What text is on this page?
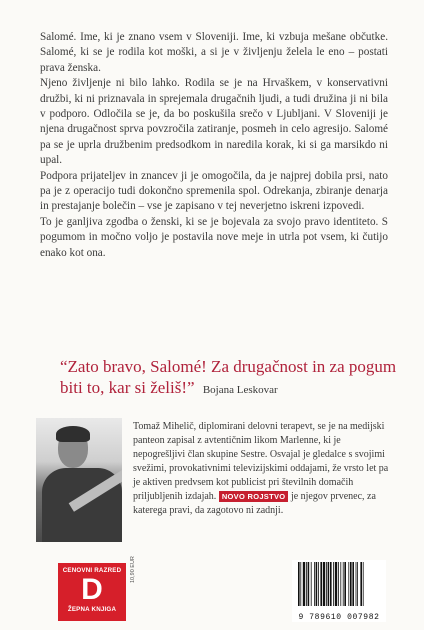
Salomé. Ime, ki je znano vsem v Sloveniji. Ime, ki vzbuja mešane občutke. Salomé, ki se je rodila kot moški, a si je v življenju želela le eno – postati prava ženska.

Njeno življenje ni bilo lahko. Rodila se je na Hrvaškem, v konservativni družbi, ki ni priznavala in sprejemala drugačnih ljudi, a tudi družina ji ni bila v podporo. Odločila se je, da bo poskušila srečo v Ljubljani. V Sloveniji je njena drugačnost sprva povzročila zatiranje, posmeh in celo agresijo. Salomé pa se je uprla družbenim predsodkom in naredila korak, ki si ga marsikdo ni upal.

Podpora prijateljev in znancev ji je omogočila, da je najprej dobila prsi, nato pa je z operacijo tudi dokončno spremenila spol. Odrekanja, zbiranje denarja in prestajanje bolečin – vse je zapisano v tej neverjetno iskreni izpovedi.

To je ganljiva zgodba o ženski, ki se je bojevala za svojo pravo identiteto. S pogumom in močno voljo je postavila nove meje in utrla pot vsem, ki čutijo enako kot ona.

“Zato bravo, Salomé! Za drugačnost in za pogum biti to, kar si želiš!” Bojana Leskovar
Tomaž Mihelič, diplomirani delovni terapevt, se je na medijski panteon zapisal z avtentičnim likom Marlenne, ki je nepogrešljivi član skupine Sestre. Osvajal je gledalce s svojimi svežimi, provokativnimi televizijskimi oddajami, že vrsto let pa je aktiven predvsem kot publicist pri številnih domačih priljubljenih izdajah. NOVO ROJSTVO je njegov prvenec, za katerega pravi, da zagotovo ni zadnji.
CENOVNI RAZRED
D
ŽEPNA KNJIGA
10,90 EUR
9 789610 007982
